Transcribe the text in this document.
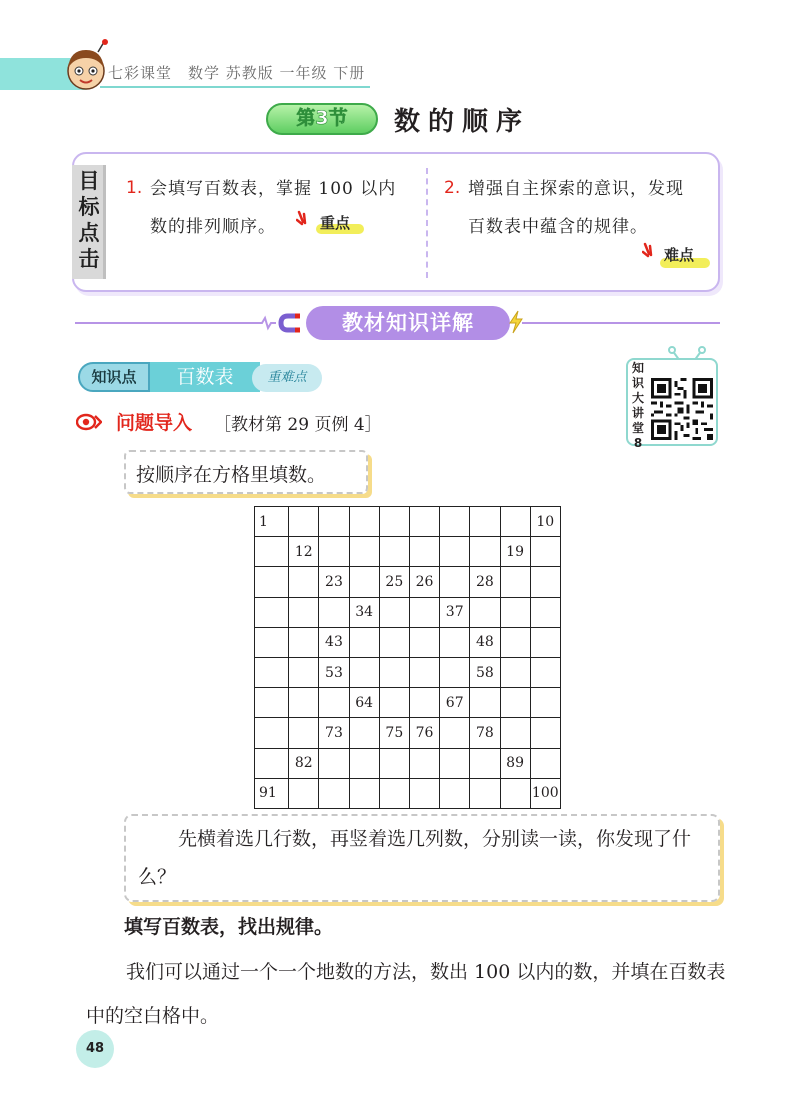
七彩课堂　数学 苏教版 一年级 下册
第3节	数的顺序
目标点击
1. 会填写百数表，掌握 100 以内
数的排列顺序。	重点
2. 增强自主探索的意识，发现
百数表中蕴含的规律。
难点
教材知识详解
知识点	百数表	重难点
知识大讲堂8
问题导入 ［教材第 29 页例 4］
按顺序在方格里填数。
1									10
	12							19	
		23		25	26		28		
			34			37			
		43					48		
		53					58		
			64			67			
		73		75	76		78		
	82							89	
91									100
先横着选几行数，再竖着选几列数，分别读一读，你发现了什么？
填写百数表，找出规律。
我们可以通过一个一个地数的方法，数出 100 以内的数，并填在百数表中的空白格中。
48
